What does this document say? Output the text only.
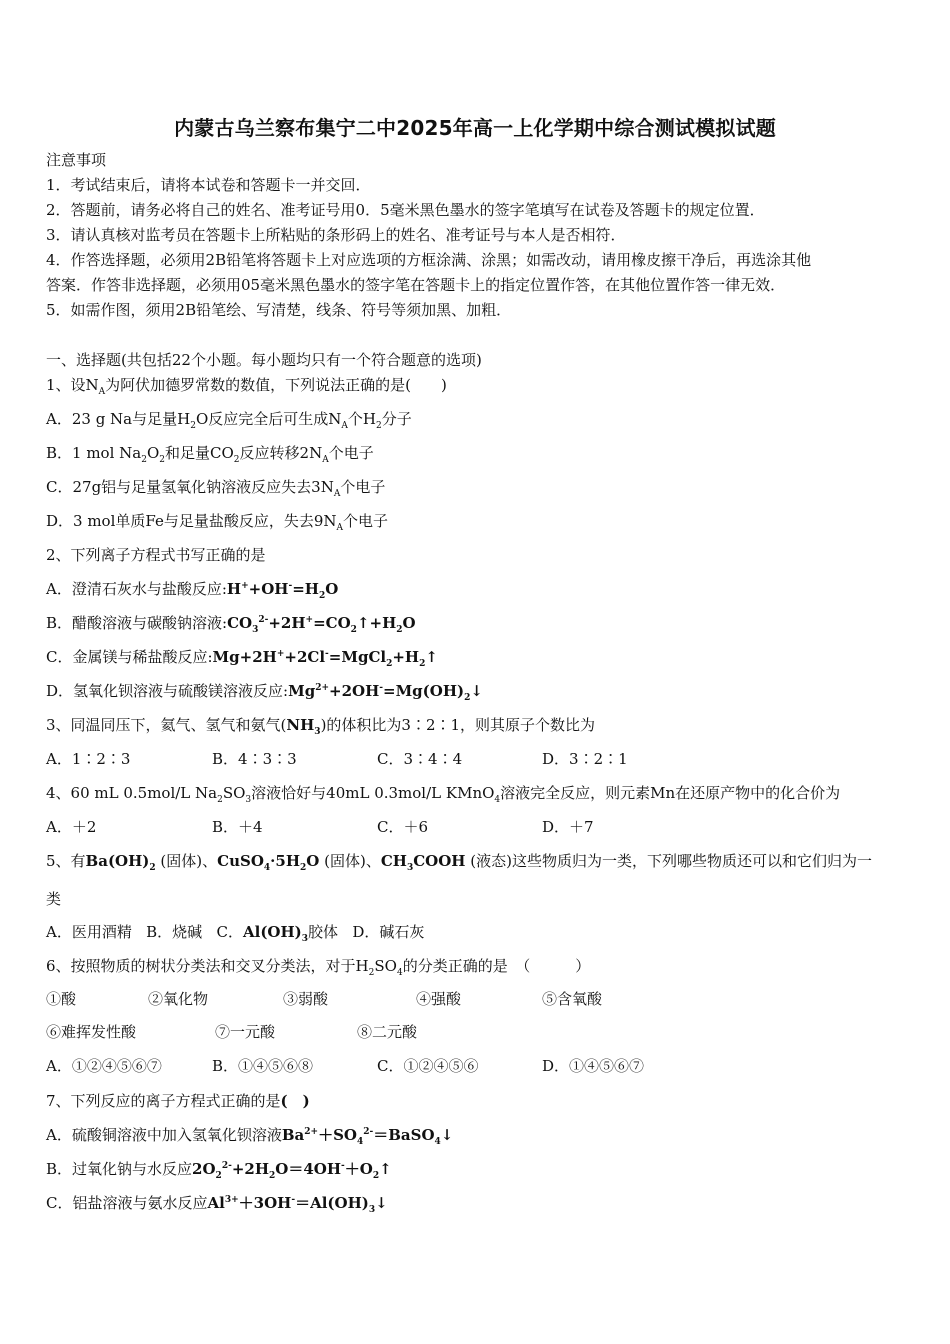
内蒙古乌兰察布集宁二中2025年高一上化学期中综合测试模拟试题
注意事项
1．考试结束后，请将本试卷和答题卡一并交回．
2．答题前，请务必将自己的姓名、准考证号用0．5毫米黑色墨水的签字笔填写在试卷及答题卡的规定位置．
3．请认真核对监考员在答题卡上所粘贴的条形码上的姓名、准考证号与本人是否相符．
4．作答选择题，必须用2B铅笔将答题卡上对应选项的方框涂满、涂黑；如需改动，请用橡皮擦干净后，再选涂其他
答案．作答非选择题，必须用05毫米黑色墨水的签字笔在答题卡上的指定位置作答，在其他位置作答一律无效．
5．如需作图，须用2B铅笔绘、写清楚，线条、符号等须加黑、加粗．
一、选择题(共包括22个小题。每小题均只有一个符合题意的选项)
1、设$N_A$为阿伏加德罗常数的数值，下列说法正确的是(　　)
A．23 g Na与足量$H_2O$反应完全后可生成$N_A$个$H_2$分子
B．1 mol $Na_2O_2$和足量$CO_2$反应转移$2N_A$个电子
C．27g铝与足量氢氧化钠溶液反应失去$3N_A$个电子
D．3 mol单质Fe与足量盐酸反应，失去$9N_A$个电子
2、下列离子方程式书写正确的是
A．澄清石灰水与盐酸反应$:H^++OH^-=H_2O$
B．醋酸溶液与碳酸钠溶液$:CO_3^{2-}+2H^+=CO_2↑+H_2O$
C．金属镁与稀盐酸反应$:Mg+2H^++2Cl^-=MgCl_2+H_2↑$
D．氢氧化钡溶液与硫酸镁溶液反应$:Mg^{2+}+2OH^-=Mg(OH)_2↓$
3、同温同压下，氦气、氢气和氨气$(NH_3)$的体积比为3∶2∶1，则其原子个数比为
A．1∶2∶3	B．4∶3∶3	C．3∶4∶4	D．3∶2∶1
4、60 mL 0.5mol/L $Na_2SO_3$溶液恰好与40mL 0.3mol/L KMnO$_4$溶液完全反应，则元素Mn在还原产物中的化合价为
A．＋2	B．＋4	C．＋6	D．＋7
5、有$Ba(OH)_2$ (固体)、$CuSO_4\cdot 5H_2O$ (固体)、$CH_3COOH$ (液态)这些物质归为一类，下列哪些物质还可以和它们归为一
类
A．医用酒精 B．烧碱 C．$Al(OH)_3$胶体 D．碱石灰
6、按照物质的树状分类法和交叉分类法，对于$H_2SO_4$的分类正确的是　（　　　）
①酸	②氧化物	③弱酸	④强酸	⑤含氧酸
⑥难挥发性酸	⑦一元酸	⑧二元酸
A．①②④⑤⑥⑦	B．①④⑤⑥⑧	C．①②④⑤⑥	D．①④⑤⑥⑦
7、下列反应的离子方程式正确的是(　)
A．硫酸铜溶液中加入氢氧化钡溶液$Ba^{2+}+SO_4^{2-}=BaSO_4↓$
B．过氧化钠与水反应$2O_2^{2-}+2H_2O=4OH^-+O_2↑$
C．铝盐溶液与氨水反应$Al^{3+}+3OH^-=Al(OH)_3↓$
